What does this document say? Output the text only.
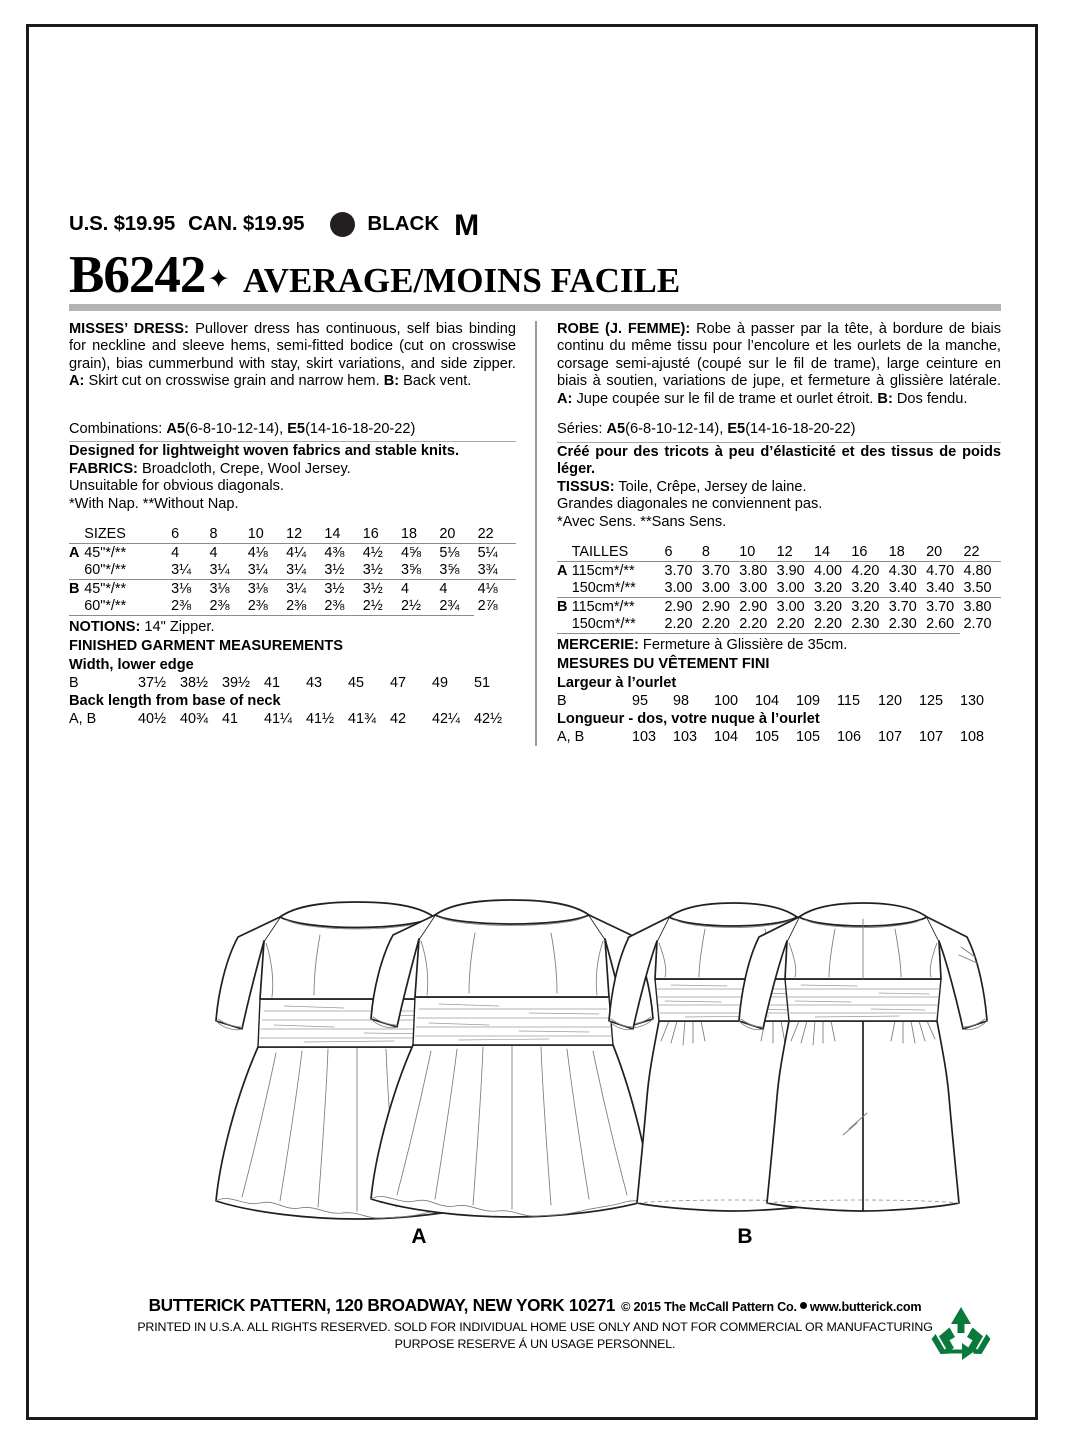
U.S. $19.95 CAN. $19.95	BLACK M
B6242 ✦ AVERAGE/MOINS FACILE

MISSES’ DRESS: Pullover dress has continuous, self bias binding for neckline and sleeve hems, semi-fitted bodice (cut on crosswise grain), bias cummerbund with stay, skirt variations, and side zipper. A: Skirt cut on crosswise grain and narrow hem. B: Back vent.

Combinations: A5(6-8-10-12-14), E5(14-16-18-20-22)

Designed for lightweight woven fabrics and stable knits.

FABRICS: Broadcloth, Crepe, Wool Jersey.

Unsuitable for obvious diagonals.

*With Nap. **Without Nap.

	SIZES	6	8	10	12	14	16	18	20	22
A	45"*/**	4	4	4⅛	4¼	4⅜	4½	4⅝	5⅛	5¼
	60"*/**	3¼	3¼	3¼	3¼	3½	3½	3⅝	3⅝	3¾
B	45"*/**	3⅛	3⅛	3⅛	3¼	3½	3½	4	4	4⅛
	60"*/**	2⅜	2⅜	2⅜	2⅜	2⅜	2½	2½	2¾	2⅞
NOTIONS: 14" Zipper.									
FINISHED GARMENT MEASUREMENTS									
Width, lower edge									
B	37½	38½	39½	41	43	45	47	49	51
Back length from base of neck									
A, B	40½	40¾	41	41¼	41½	41¾	42	42¼	42½

ROBE (J. FEMME): Robe à passer par la tête, à bordure de biais continu du même tissu pour l’encolure et les ourlets de la manche, corsage semi-ajusté (coupé sur le fil de trame), large ceinture en biais à soutien, variations de jupe, et fermeture à glissière latérale. A: Jupe coupée sur le fil de trame et ourlet étroit. B: Dos fendu.

Séries: A5(6-8-10-12-14), E5(14-16-18-20-22)

Créé pour des tricots à peu d’élasticité et des tissus de poids léger.

TISSUS: Toile, Crêpe, Jersey de laine.

Grandes diagonales ne conviennent pas.

*Avec Sens. **Sans Sens.

	TAILLES	6	8	10	12	14	16	18	20	22
A	115cm*/**	3.70	3.70	3.80	3.90	4.00	4.20	4.30	4.70	4.80
	150cm*/**	3.00	3.00	3.00	3.00	3.20	3.20	3.40	3.40	3.50
B	115cm*/**	2.90	2.90	2.90	3.00	3.20	3.20	3.70	3.70	3.80
	150cm*/**	2.20	2.20	2.20	2.20	2.20	2.30	2.30	2.60	2.70
MERCERIE: Fermeture à Glissière de 35cm.									
MESURES DU VÊTEMENT FINI									
Largeur à l’ourlet									
B	95	98	100	104	109	115	120	125	130
Longueur - dos, votre nuque à l’ourlet									
A, B	103	103	104	105	105	106	107	107	108
A	B
BUTTERICK PATTERN, 120 BROADWAY, NEW YORK 10271 © 2015 The McCall Pattern Co. www.butterick.com
PRINTED IN U.S.A. ALL RIGHTS RESERVED. SOLD FOR INDIVIDUAL HOME USE ONLY AND NOT FOR COMMERCIAL OR MANUFACTURING
PURPOSE RESERVE Á UN USAGE PERSONNEL.
